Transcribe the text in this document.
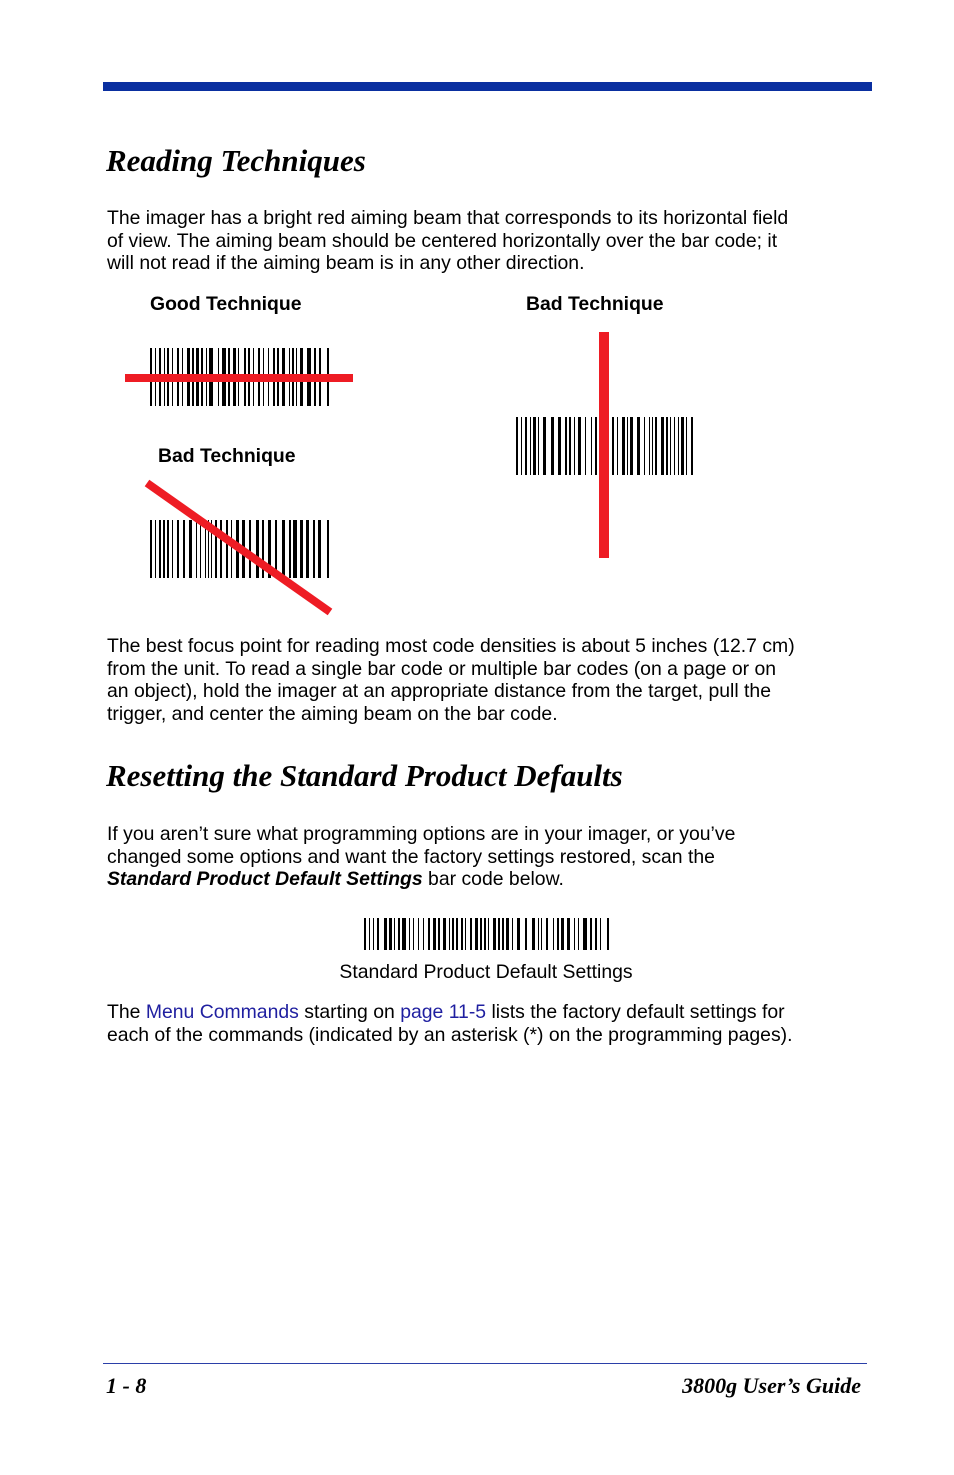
Reading Techniques

The imager has a bright red aiming beam that corresponds to its horizontal field

of view. The aiming beam should be centered horizontally over the bar code; it

will not read if the aiming beam is in any other direction.

Good Technique	Bad Technique
Bad Technique

The best focus point for reading most code densities is about 5 inches (12.7 cm)

from the unit. To read a single bar code or multiple bar codes (on a page or on

an object), hold the imager at an appropriate distance from the target, pull the

trigger, and center the aiming beam on the bar code.

Resetting the Standard Product Defaults

If you aren’t sure what programming options are in your imager, or you’ve

changed some options and want the factory settings restored, scan the

Standard Product Default Settings bar code below.

Standard Product Default Settings

The Menu Commands starting on page 11-5 lists the factory default settings for

each of the commands (indicated by an asterisk (*) on the programming pages).

1 - 8	3800g User’s Guide
